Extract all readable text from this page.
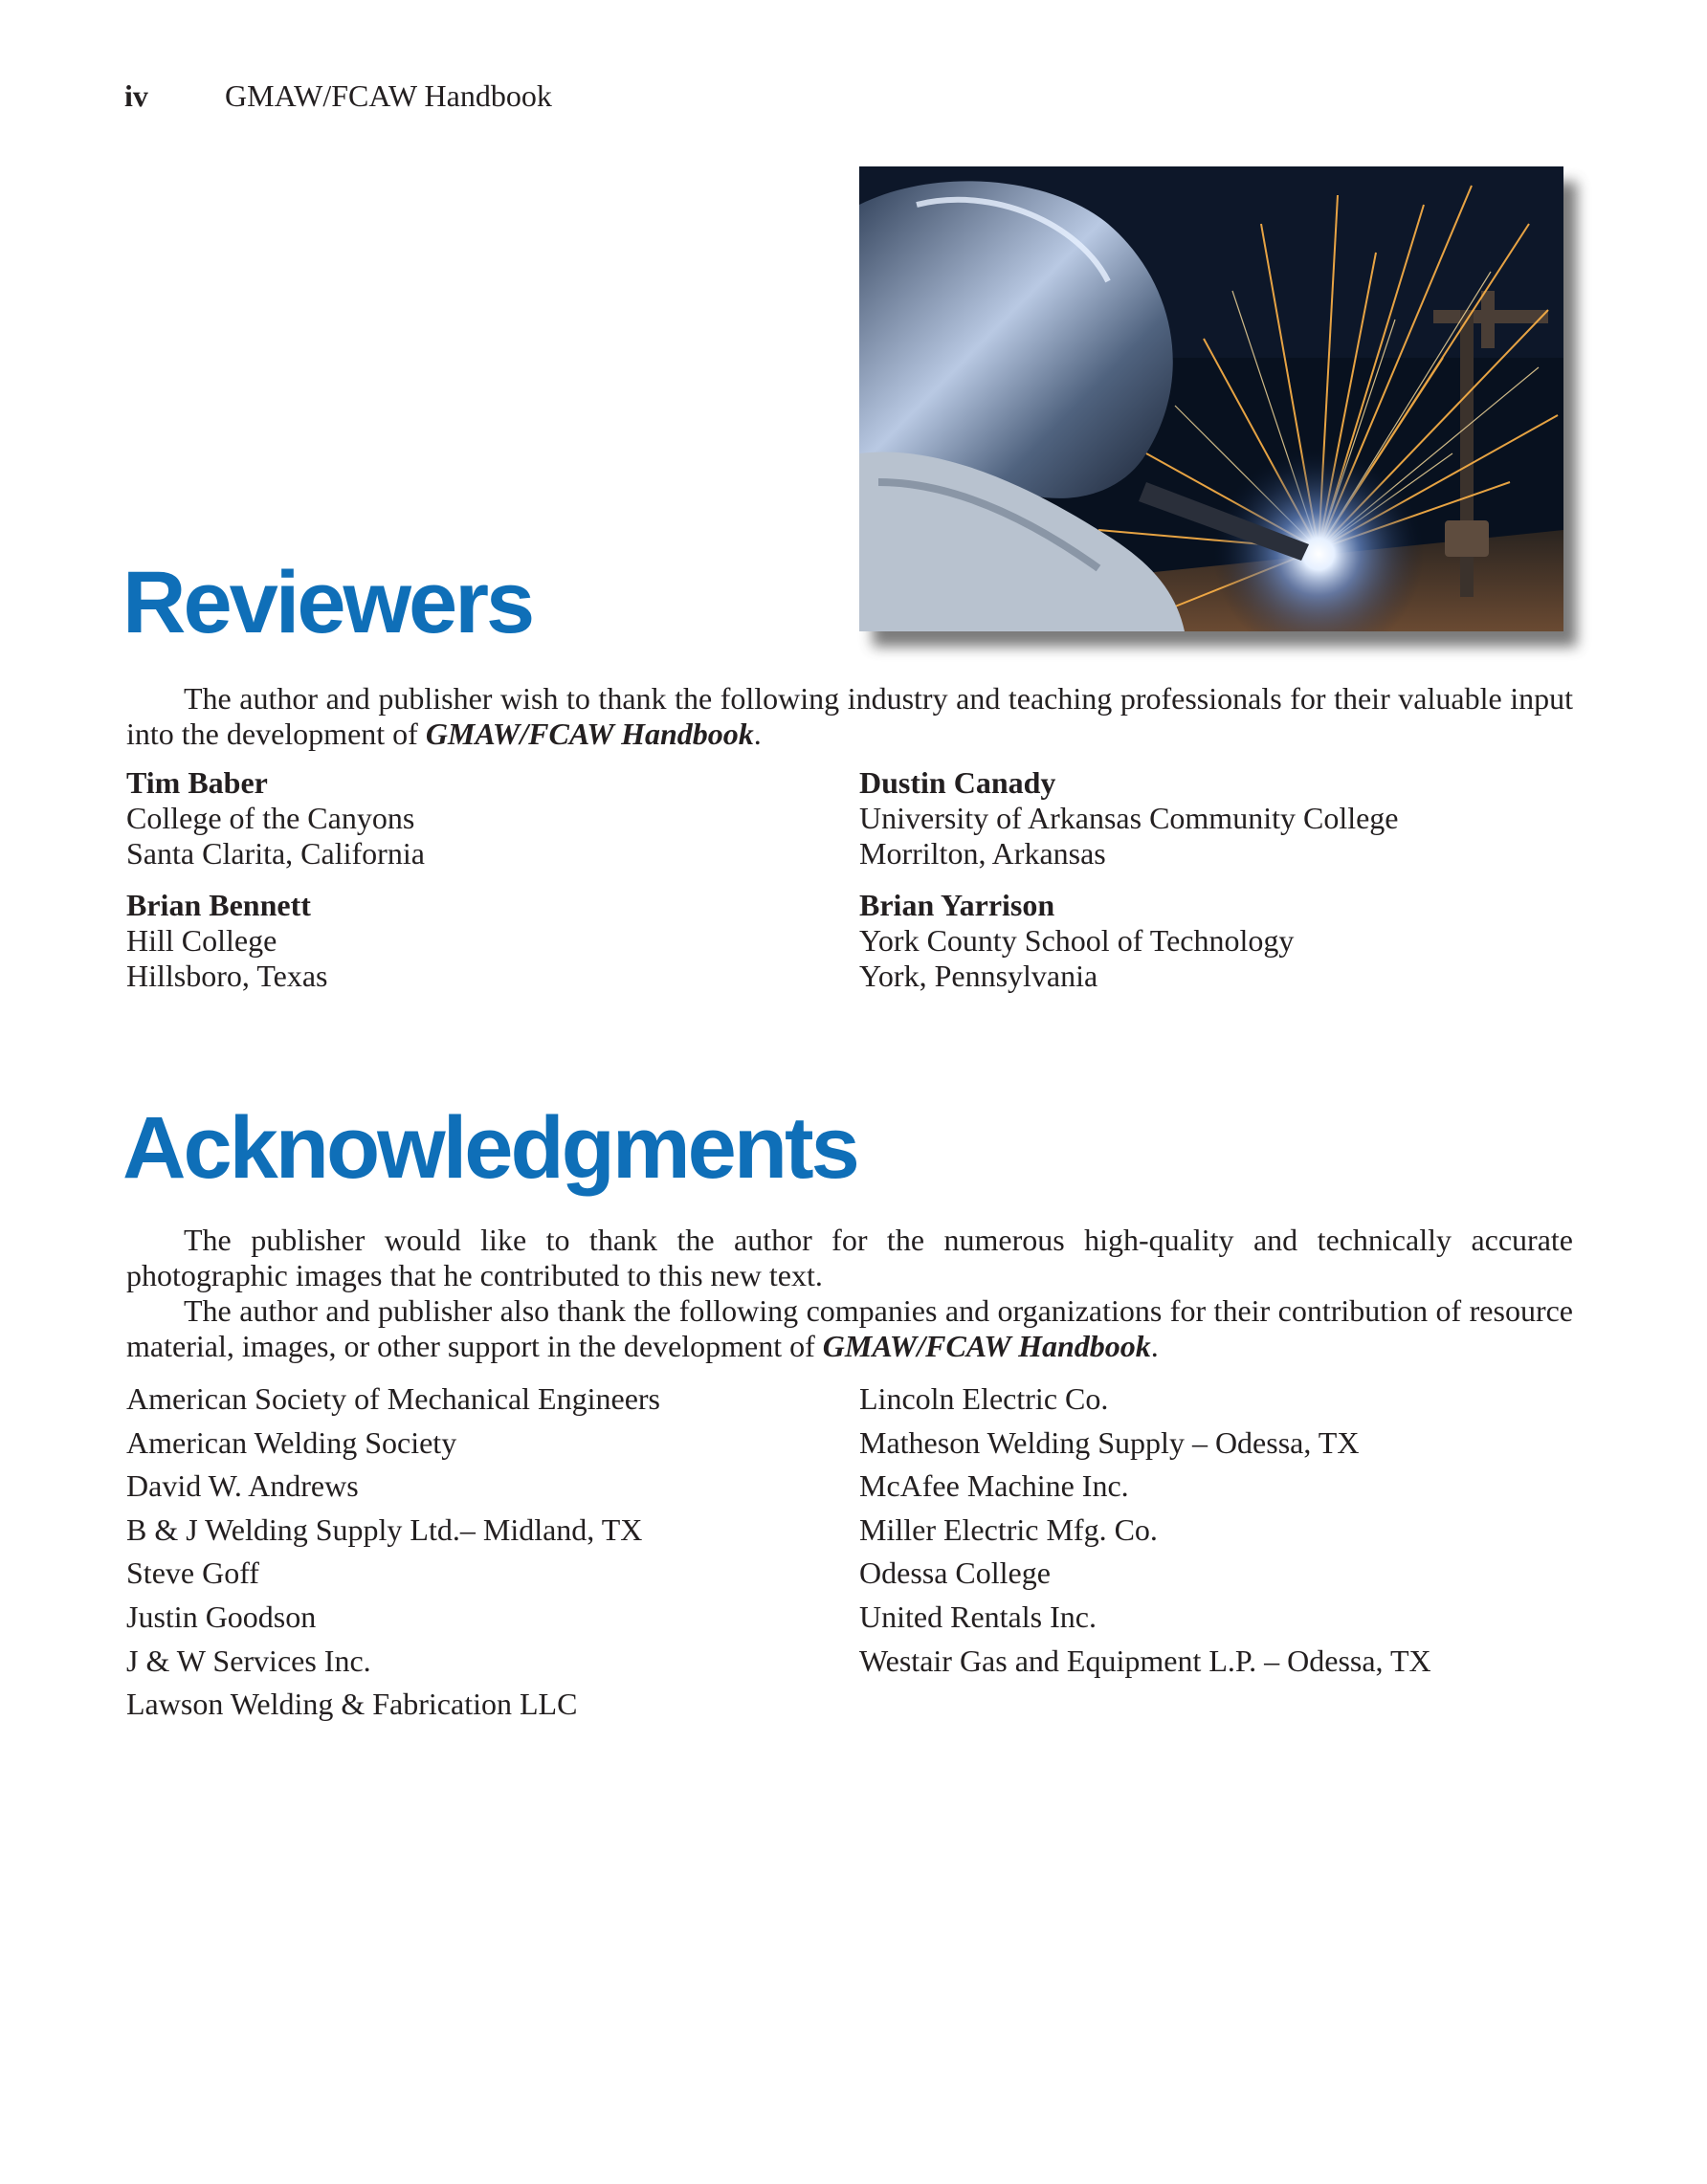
iv	GMAW/FCAW Handbook
Reviewers

The author and publisher wish to thank the following industry and teaching professionals for their valuable input into the development of GMAW/FCAW Handbook.

Tim Baber
College of the Canyons
Santa Clarita, California
Dustin Canady
University of Arkansas Community College
Morrilton, Arkansas
Brian Bennett
Hill College
Hillsboro, Texas
Brian Yarrison
York County School of Technology
York, Pennsylvania
Acknowledgments

The publisher would like to thank the author for the numerous high-quality and technically accurate photographic images that he contributed to this new text.

The author and publisher also thank the following companies and organizations for their contribution of resource material, images, or other support in the development of GMAW/FCAW Handbook.

American Society of Mechanical Engineers
American Welding Society
David W. Andrews
B & J Welding Supply Ltd.– Midland, TX
Steve Goff
Justin Goodson
J & W Services Inc.
Lawson Welding & Fabrication LLC
Lincoln Electric Co.
Matheson Welding Supply – Odessa, TX
McAfee Machine Inc.
Miller Electric Mfg. Co.
Odessa College
United Rentals Inc.
Westair Gas and Equipment L.P. – Odessa, TX
